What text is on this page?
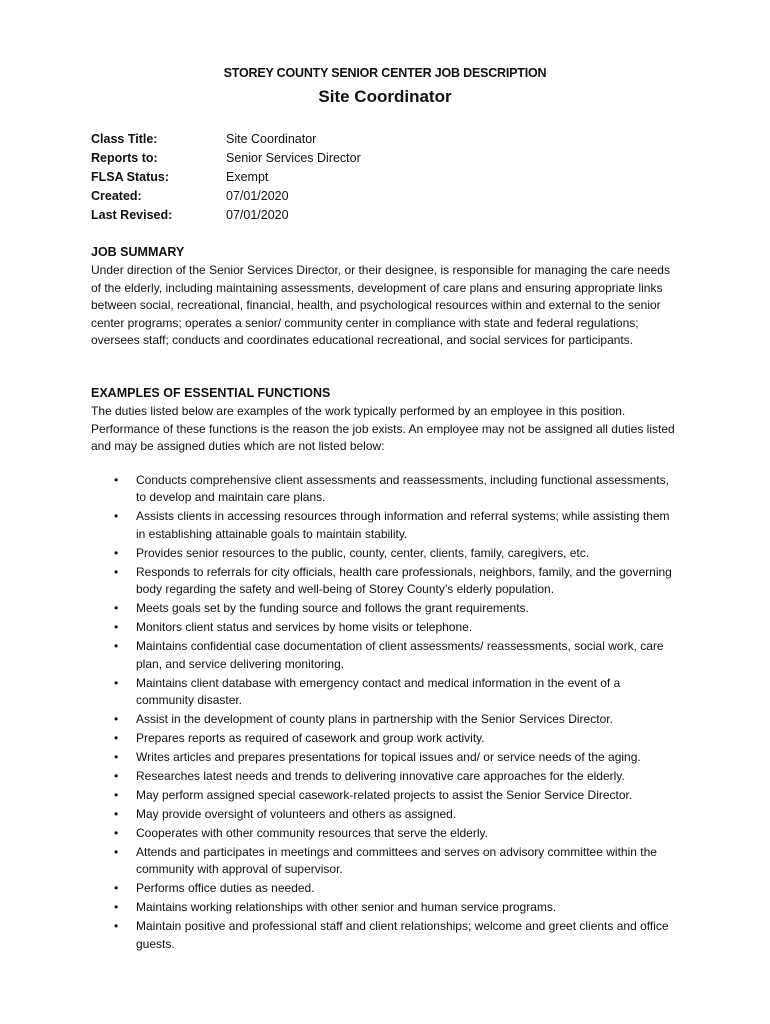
STOREY COUNTY SENIOR CENTER JOB DESCRIPTION
Site Coordinator
Class Title:	Site Coordinator
Reports to:	Senior Services Director
FLSA Status:	Exempt
Created:	07/01/2020
Last Revised:	07/01/2020
JOB SUMMARY
Under direction of the Senior Services Director, or their designee, is responsible for managing the care needs of the elderly, including maintaining assessments, development of care plans and ensuring appropriate links between social, recreational, financial, health, and psychological resources within and external to the senior center programs; operates a senior/ community center in compliance with state and federal regulations; oversees staff; conducts and coordinates educational recreational, and social services for participants.
EXAMPLES OF ESSENTIAL FUNCTIONS
The duties listed below are examples of the work typically performed by an employee in this position. Performance of these functions is the reason the job exists. An employee may not be assigned all duties listed and may be assigned duties which are not listed below:
• Conducts comprehensive client assessments and reassessments, including functional assessments, to develop and maintain care plans.
• Assists clients in accessing resources through information and referral systems; while assisting them in establishing attainable goals to maintain stability.
• Provides senior resources to the public, county, center, clients, family, caregivers, etc.
• Responds to referrals for city officials, health care professionals, neighbors, family, and the governing body regarding the safety and well-being of Storey County’s elderly population.
• Meets goals set by the funding source and follows the grant requirements.
• Monitors client status and services by home visits or telephone.
• Maintains confidential case documentation of client assessments/ reassessments, social work, care plan, and service delivering monitoring.
• Maintains client database with emergency contact and medical information in the event of a community disaster.
• Assist in the development of county plans in partnership with the Senior Services Director.
• Prepares reports as required of casework and group work activity.
• Writes articles and prepares presentations for topical issues and/ or service needs of the aging.
• Researches latest needs and trends to delivering innovative care approaches for the elderly.
• May perform assigned special casework-related projects to assist the Senior Service Director.
• May provide oversight of volunteers and others as assigned.
• Cooperates with other community resources that serve the elderly.
• Attends and participates in meetings and committees and serves on advisory committee within the community with approval of supervisor.
• Performs office duties as needed.
• Maintains working relationships with other senior and human service programs.
• Maintain positive and professional staff and client relationships; welcome and greet clients and office guests.
